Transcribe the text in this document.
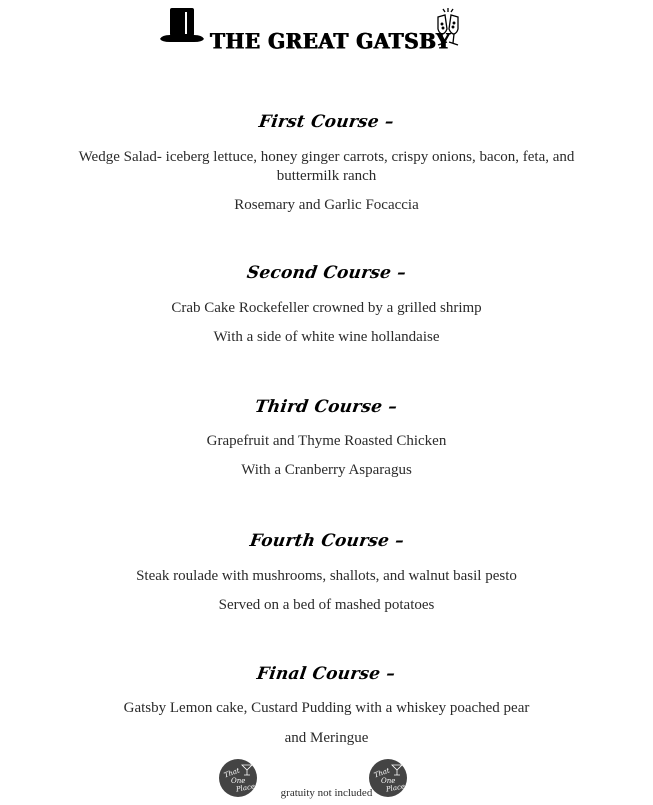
THE GREAT GATSBY
First Course –

Wedge Salad- iceberg lettuce, honey ginger carrots, crispy onions, bacon, feta, and

buttermilk ranch

Rosemary and Garlic Focaccia

Second Course –

Crab Cake Rockefeller crowned by a grilled shrimp

With a side of white wine hollandaise

Third Course –

Grapefruit and Thyme Roasted Chicken

With a Cranberry Asparagus

Fourth Course –

Steak roulade with mushrooms, shallots, and walnut basil pesto

Served on a bed of mashed potatoes

Final Course –

Gatsby Lemon cake, Custard Pudding with a whiskey poached pear

and Meringue

That
One
Place	gratuity not included
That
One
Place
